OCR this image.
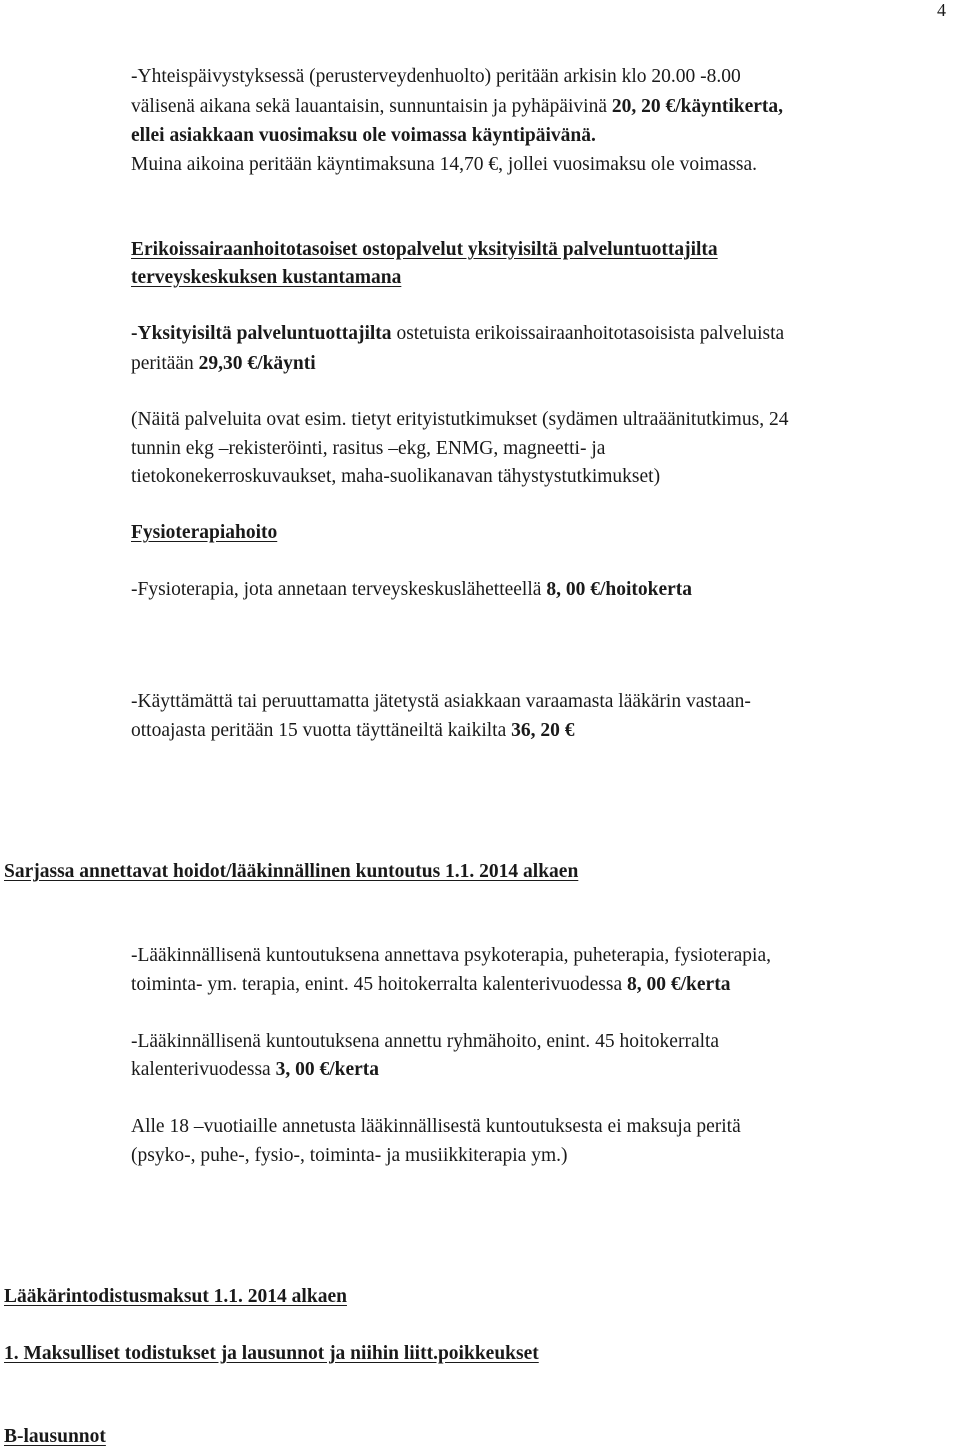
4
-Yhteispäivystyksessä (perusterveydenhuolto) peritään arkisin klo 20.00 -8.00
välisenä aikana sekä lauantaisin, sunnuntaisin ja pyhäpäivinä 20, 20 €/käyntikerta,
ellei asiakkaan vuosimaksu ole voimassa käyntipäivänä.
Muina aikoina peritään käyntimaksuna 14,70 €, jollei vuosimaksu ole voimassa.
Erikoissairaanhoitotasoiset ostopalvelut yksityisiltä palveluntuottajilta
terveyskeskuksen kustantamana
-Yksityisiltä palveluntuottajilta ostetuista erikoissairaanhoitotasoisista palveluista
peritään 29,30 €/käynti
(Näitä palveluita ovat esim. tietyt erityistutkimukset (sydämen ultraäänitutkimus, 24
tunnin ekg –rekisteröinti, rasitus –ekg, ENMG, magneetti- ja
tietokonekerroskuvaukset, maha-suolikanavan tähystystutkimukset)
Fysioterapiahoito
-Fysioterapia, jota annetaan terveyskeskuslähetteellä 8, 00 €/hoitokerta
-Käyttämättä tai peruuttamatta jätetystä asiakkaan varaamasta lääkärin vastaan-
ottoajasta peritään 15 vuotta täyttäneiltä kaikilta 36, 20 €
Sarjassa annettavat hoidot/lääkinnällinen kuntoutus 1.1. 2014 alkaen
-Lääkinnällisenä kuntoutuksena annettava psykoterapia, puheterapia, fysioterapia,
toiminta- ym. terapia, enint. 45 hoitokerralta kalenterivuodessa 8, 00 €/kerta
-Lääkinnällisenä kuntoutuksena annettu ryhmähoito, enint. 45 hoitokerralta
kalenterivuodessa 3, 00 €/kerta
Alle 18 –vuotiaille annetusta lääkinnällisestä kuntoutuksesta ei maksuja peritä
(psyko-, puhe-, fysio-, toiminta- ja musiikkiterapia ym.)
Lääkärintodistusmaksut 1.1. 2014 alkaen
1. Maksulliset todistukset ja lausunnot ja niihin liitt.poikkeukset
B-lausunnot
